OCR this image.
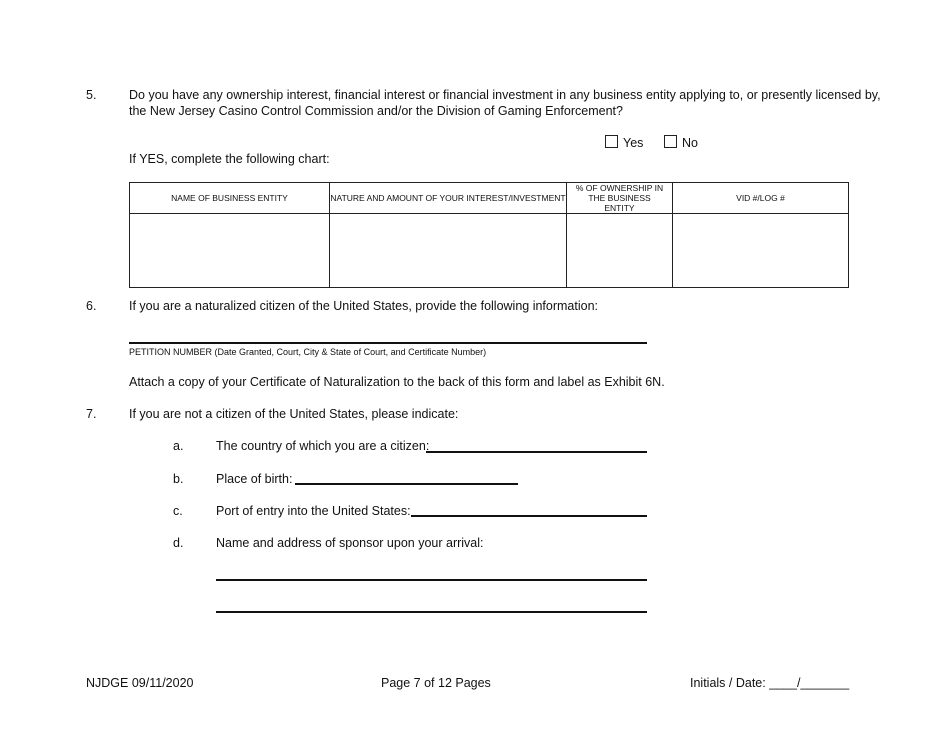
5.	Do you have any ownership interest, financial interest or financial investment in any business entity applying to, or presently licensed by, the New Jersey Casino Control Commission and/or the Division of Gaming Enforcement?
Yes	No
If YES, complete the following chart:
NAME OF BUSINESS ENTITY	NATURE AND AMOUNT OF YOUR INTEREST/INVESTMENT	% OF OWNERSHIP IN THE BUSINESS ENTITY	VID #/LOG #

6.	If you are a naturalized citizen of the United States, provide the following information:
PETITION NUMBER (Date Granted, Court, City & State of Court, and Certificate Number)
Attach a copy of your Certificate of Naturalization to the back of this form and label as Exhibit 6N.
7.	If you are not a citizen of the United States, please indicate:
a.	The country of which you are a citizen:
b.	Place of birth:
c.	Port of entry into the United States:
d.	Name and address of sponsor upon your arrival:
NJDGE 09/11/2020	Page 7 of 12 Pages	Initials / Date: ____/_______
